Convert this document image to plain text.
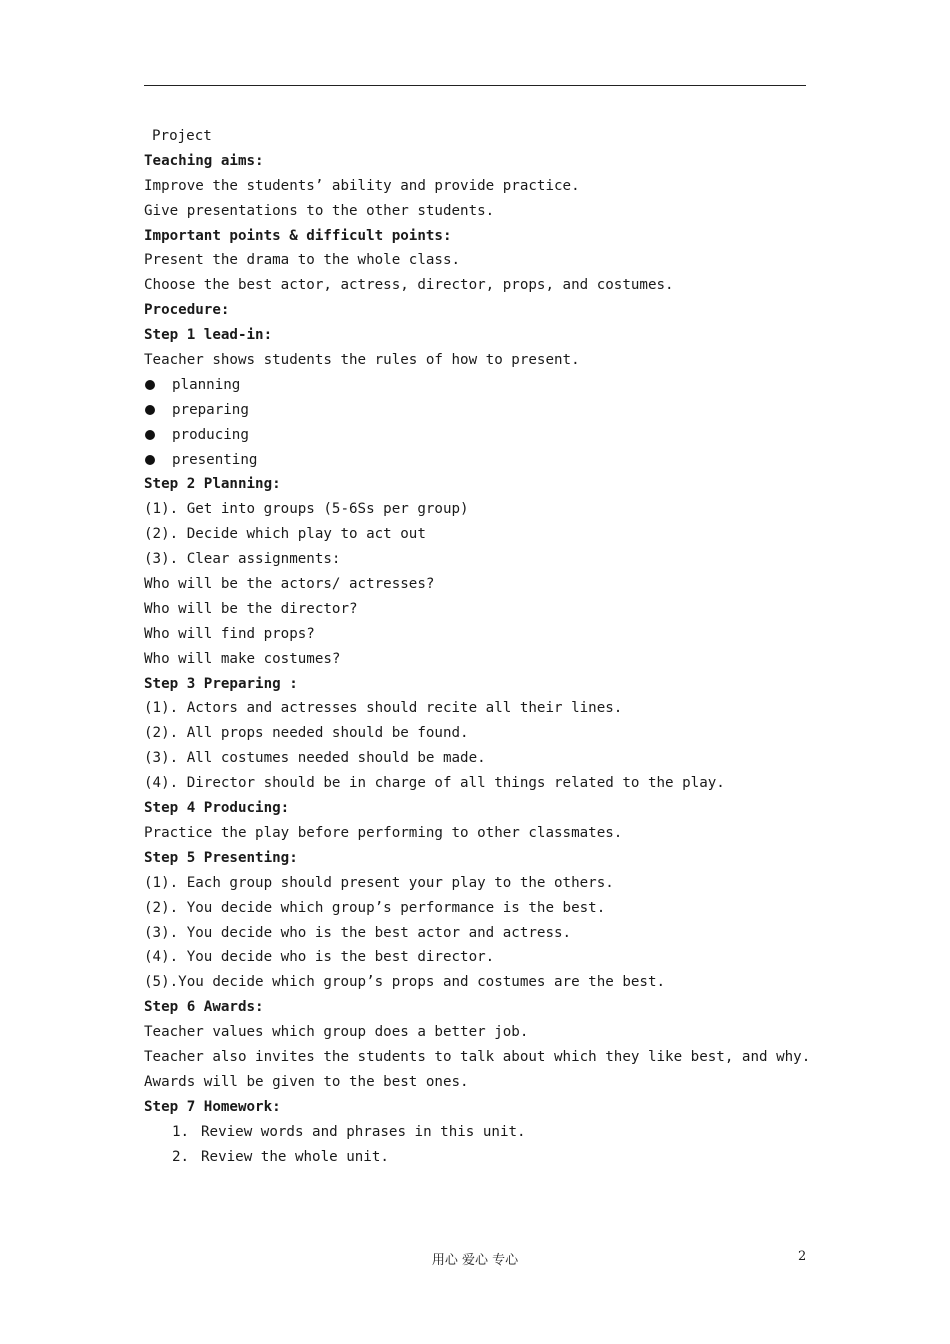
Project
Teaching aims:
Improve the students’ ability and provide practice.
Give presentations to the other students.
Important points & difficult points:
Present the drama to the whole class.
Choose the best actor, actress, director, props, and costumes.
Procedure:
Step 1 lead-in:
Teacher shows students the rules of how to present.
planning
preparing
producing
presenting
Step 2 Planning:
(1). Get into groups (5-6Ss per group)
(2). Decide which play to act out
(3). Clear assignments:
Who will be the actors/ actresses?
Who will be the director?
Who will find props?
Who will make costumes?
Step 3 Preparing :
(1). Actors and actresses should recite all their lines.
(2). All props needed should be found.
(3). All costumes needed should be made.
(4). Director should be in charge of all things related to the play.
Step 4 Producing:
Practice the play before performing to other classmates.
Step 5 Presenting:
(1). Each group should present your play to the others.
(2). You decide which group’s performance is the best.
(3). You decide who is the best actor and actress.
(4). You decide who is the best director.
(5).You decide which group’s props and costumes are the best.
Step 6 Awards:
Teacher values which group does a better job.
Teacher also invites the students to talk about which they like best, and why.
Awards will be given to the best ones.
Step 7 Homework:
1. Review words and phrases in this unit.
2. Review the whole unit.
用心 爱心 专心	2
